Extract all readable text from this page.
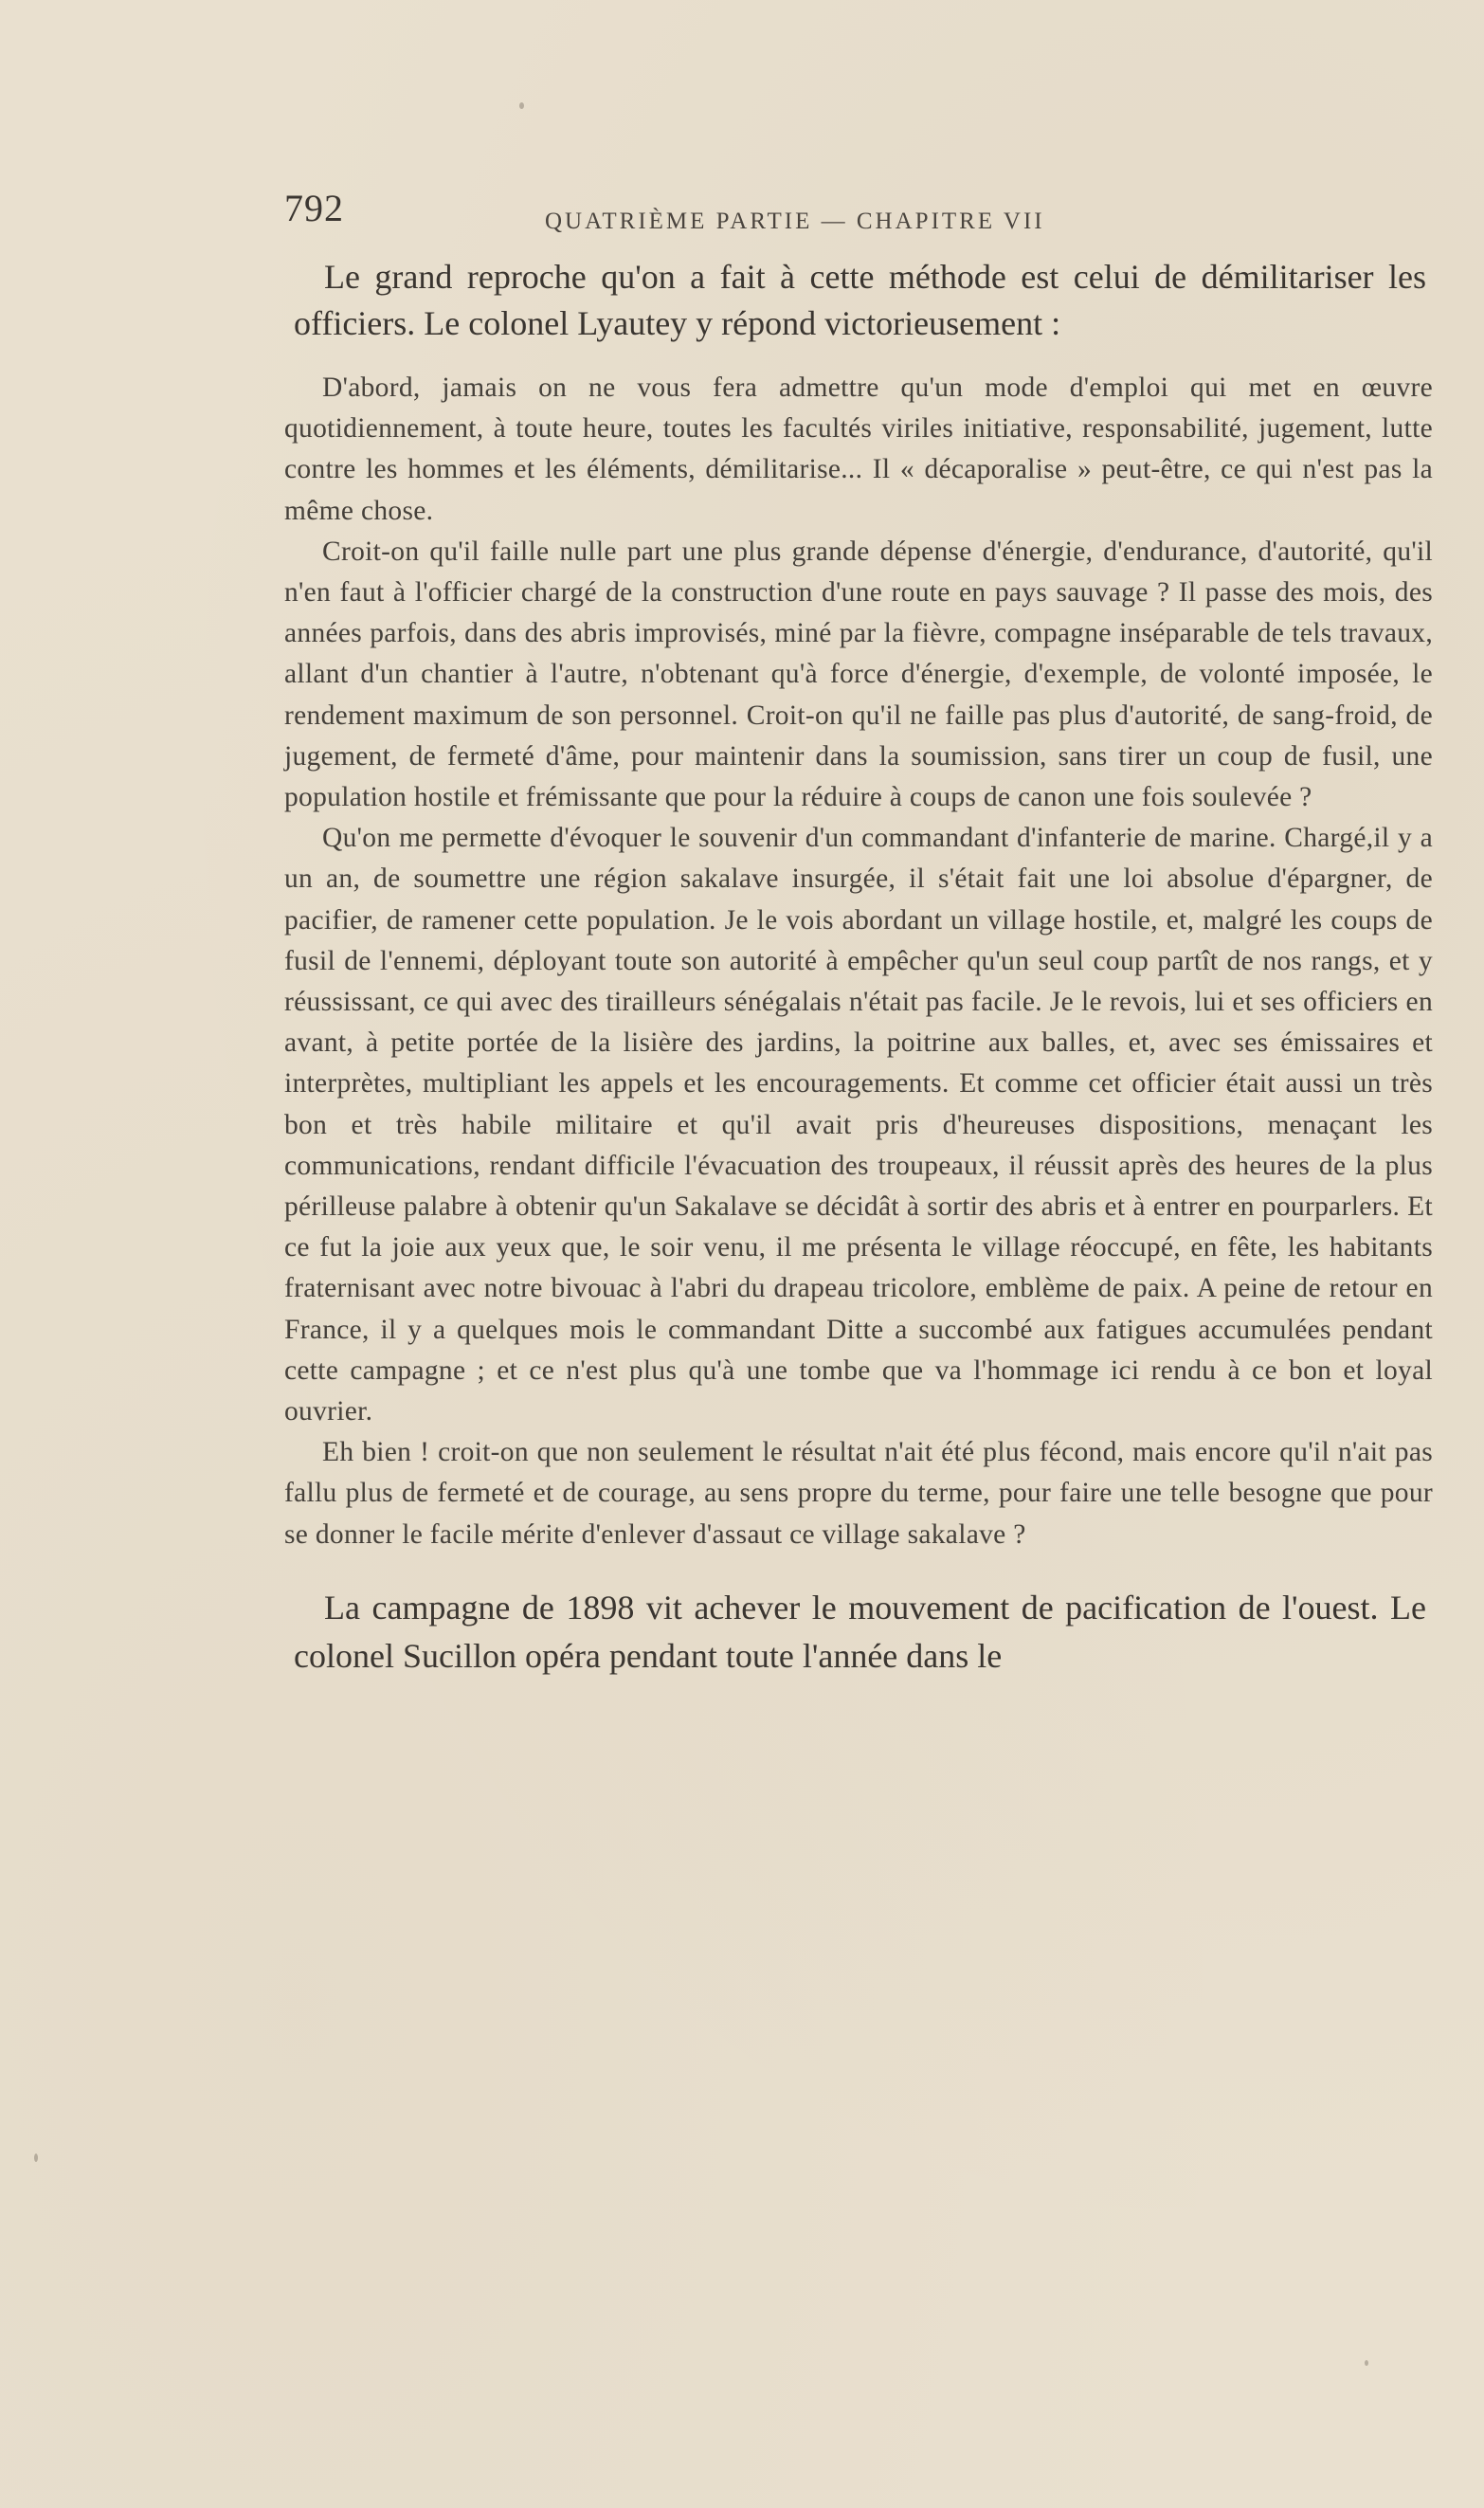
792	QUATRIÈME PARTIE — CHAPITRE VII

Le grand reproche qu'on a fait à cette méthode est celui de démilitariser les officiers. Le colonel Lyautey y répond victorieusement :

D'abord, jamais on ne vous fera admettre qu'un mode d'emploi qui met en œuvre quotidiennement, à toute heure, toutes les facultés viriles initiative, responsabilité, jugement, lutte contre les hommes et les éléments, démilitarise... Il « décaporalise » peut-être, ce qui n'est pas la même chose.

Croit-on qu'il faille nulle part une plus grande dépense d'énergie, d'endurance, d'autorité, qu'il n'en faut à l'officier chargé de la construction d'une route en pays sauvage ? Il passe des mois, des années parfois, dans des abris improvisés, miné par la fièvre, compagne inséparable de tels travaux, allant d'un chantier à l'autre, n'obtenant qu'à force d'énergie, d'exemple, de volonté imposée, le rendement maximum de son personnel. Croit-on qu'il ne faille pas plus d'autorité, de sang-froid, de jugement, de fermeté d'âme, pour maintenir dans la soumission, sans tirer un coup de fusil, une population hostile et frémissante que pour la réduire à coups de canon une fois soulevée ?

Qu'on me permette d'évoquer le souvenir d'un commandant d'infanterie de marine. Chargé,il y a un an, de soumettre une région sakalave insurgée, il s'était fait une loi absolue d'épargner, de pacifier, de ramener cette population. Je le vois abordant un village hostile, et, malgré les coups de fusil de l'ennemi, déployant toute son autorité à empêcher qu'un seul coup partît de nos rangs, et y réussissant, ce qui avec des tirailleurs sénégalais n'était pas facile. Je le revois, lui et ses officiers en avant, à petite portée de la lisière des jardins, la poitrine aux balles, et, avec ses émissaires et interprètes, multipliant les appels et les encouragements. Et comme cet officier était aussi un très bon et très habile militaire et qu'il avait pris d'heureuses dispositions, menaçant les communications, rendant difficile l'évacuation des troupeaux, il réussit après des heures de la plus périlleuse palabre à obtenir qu'un Sakalave se décidât à sortir des abris et à entrer en pourparlers. Et ce fut la joie aux yeux que, le soir venu, il me présenta le village réoccupé, en fête, les habitants fraternisant avec notre bivouac à l'abri du drapeau tricolore, emblème de paix. A peine de retour en France, il y a quelques mois le commandant Ditte a succombé aux fatigues accumulées pendant cette campagne ; et ce n'est plus qu'à une tombe que va l'hommage ici rendu à ce bon et loyal ouvrier.

Eh bien ! croit-on que non seulement le résultat n'ait été plus fécond, mais encore qu'il n'ait pas fallu plus de fermeté et de courage, au sens propre du terme, pour faire une telle besogne que pour se donner le facile mérite d'enlever d'assaut ce village sakalave ?

La campagne de 1898 vit achever le mouvement de pacification de l'ouest. Le colonel Sucillon opéra pendant toute l'année dans le
